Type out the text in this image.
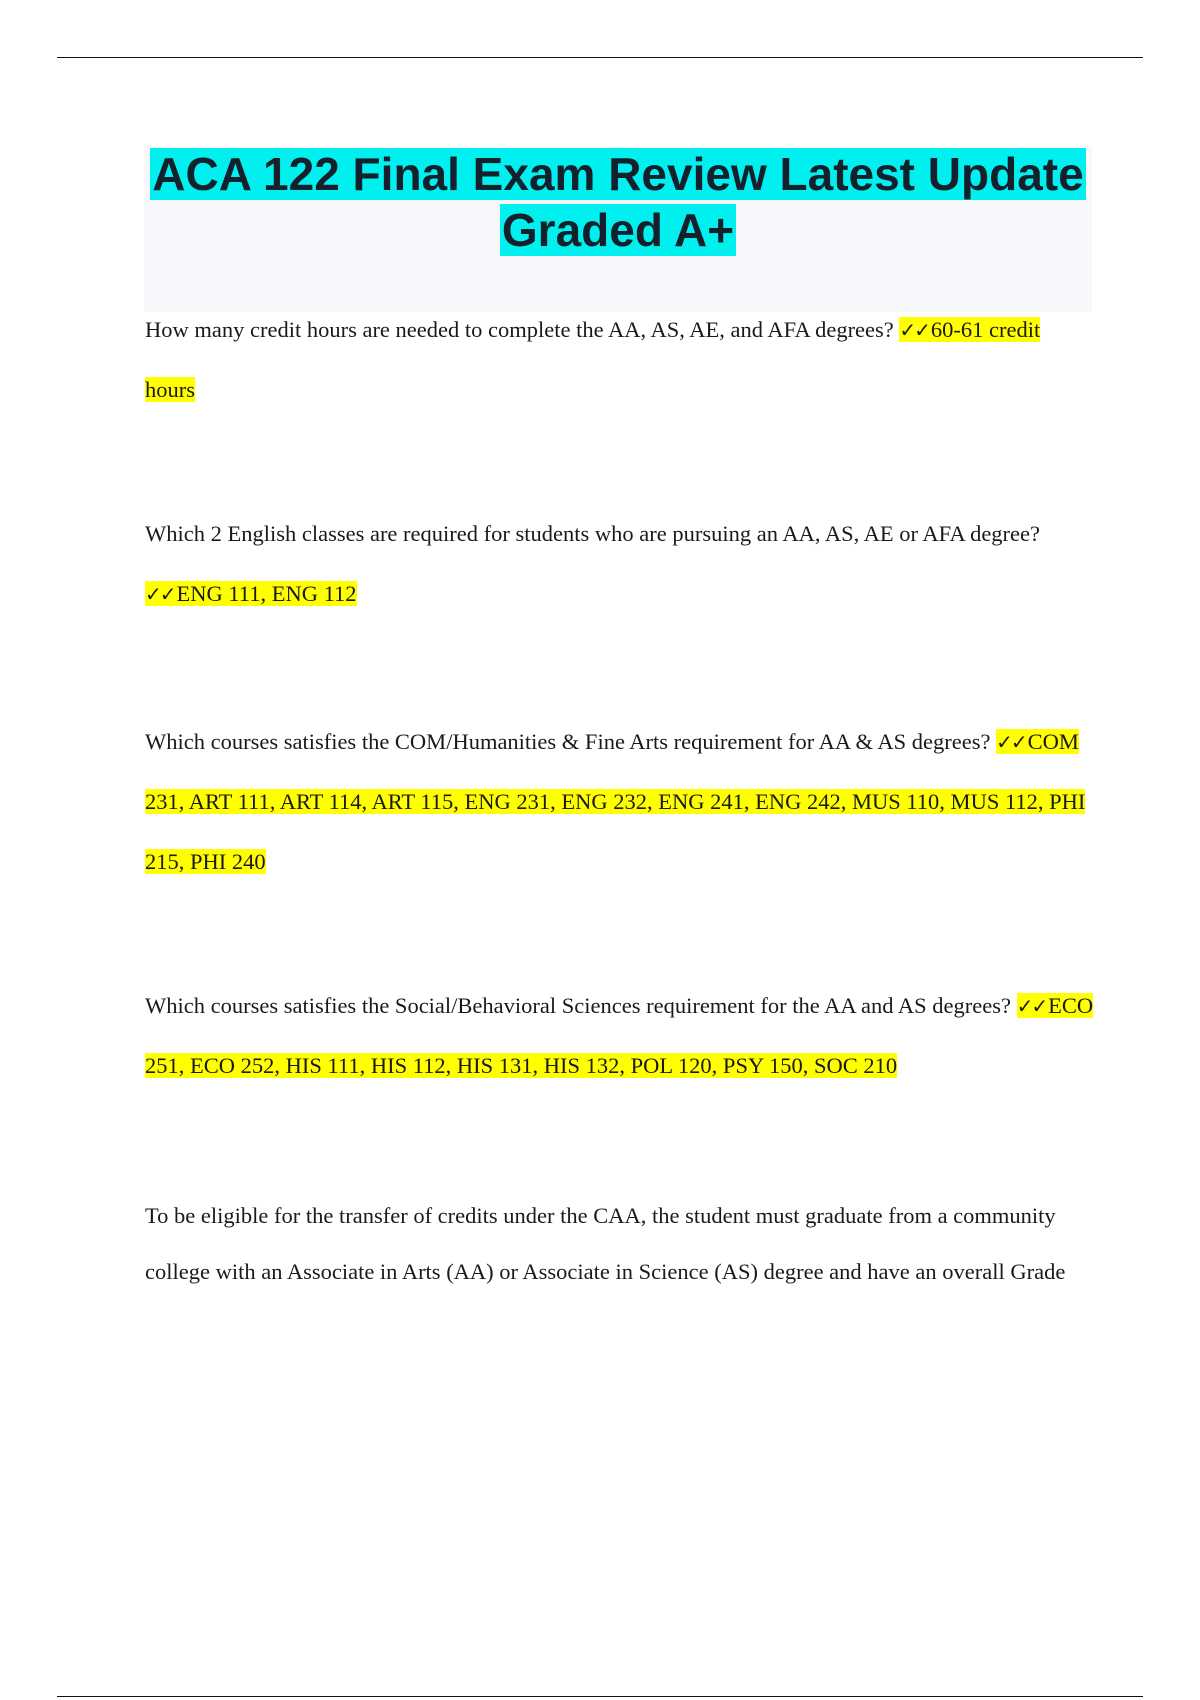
ACA 122 Final Exam Review Latest Update Graded A+
How many credit hours are needed to complete the AA, AS, AE, and AFA degrees? ✓✓60-61 credit hours
Which 2 English classes are required for students who are pursuing an AA, AS, AE or AFA degree? ✓✓ENG 111, ENG 112
Which courses satisfies the COM/Humanities & Fine Arts requirement for AA & AS degrees? ✓✓COM 231, ART 111, ART 114, ART 115, ENG 231, ENG 232, ENG 241, ENG 242, MUS 110, MUS 112, PHI 215, PHI 240
Which courses satisfies the Social/Behavioral Sciences requirement for the AA and AS degrees? ✓✓ECO 251, ECO 252, HIS 111, HIS 112, HIS 131, HIS 132, POL 120, PSY 150, SOC 210
To be eligible for the transfer of credits under the CAA, the student must graduate from a community college with an Associate in Arts (AA) or Associate in Science (AS) degree and have an overall Grade
